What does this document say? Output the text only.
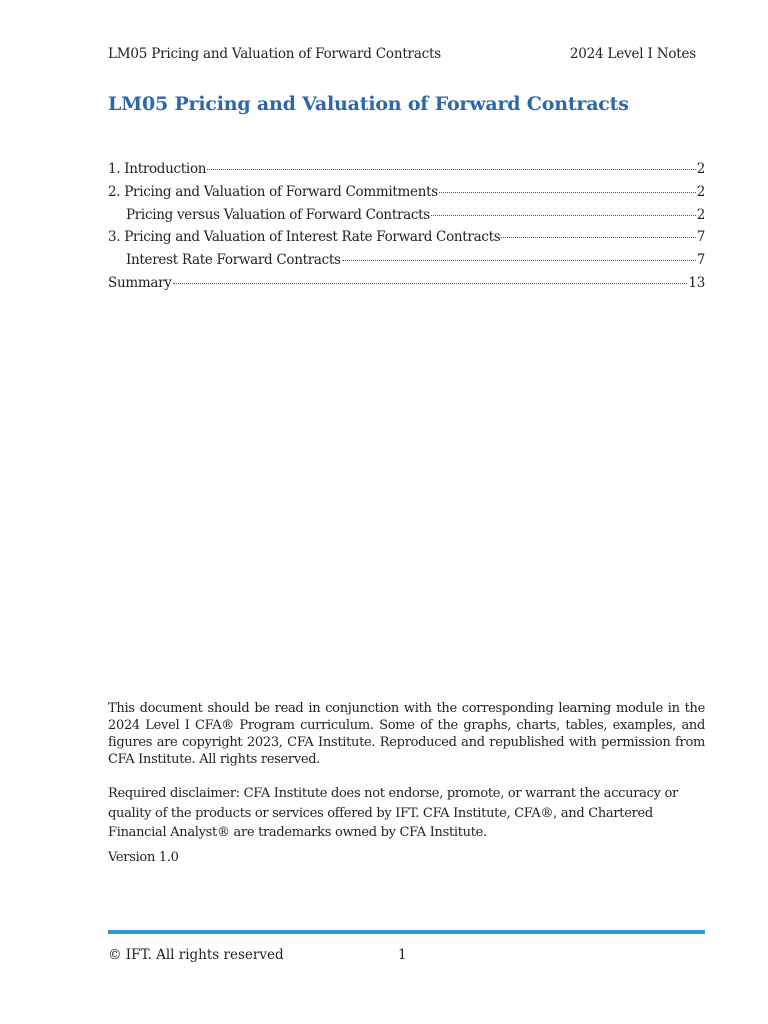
LM05 Pricing and Valuation of Forward Contracts	2024 Level I Notes
LM05 Pricing and Valuation of Forward Contracts
1. Introduction	2
2. Pricing and Valuation of Forward Commitments	2
Pricing versus Valuation of Forward Contracts	2
3. Pricing and Valuation of Interest Rate Forward Contracts	7
Interest Rate Forward Contracts	7
Summary	13
This document should be read in conjunction with the corresponding learning module in the 2024 Level I CFA® Program curriculum. Some of the graphs, charts, tables, examples, and figures are copyright 2023, CFA Institute. Reproduced and republished with permission from CFA Institute. All rights reserved.
Required disclaimer: CFA Institute does not endorse, promote, or warrant the accuracy or quality of the products or services offered by IFT. CFA Institute, CFA®, and Chartered Financial Analyst® are trademarks owned by CFA Institute.
Version 1.0
© IFT. All rights reserved	1
